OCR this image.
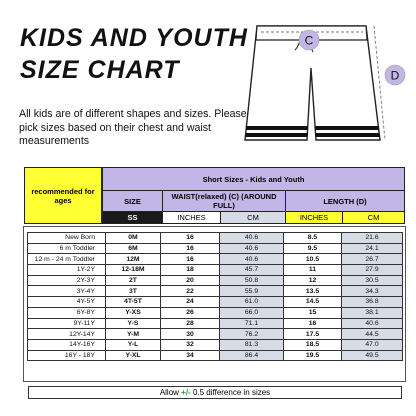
KIDS AND YOUTH
SIZE CHART
All kids are of different shapes and sizes. Please pick sizes based on their chest and waist measurements
C
D
recommended for ages
Short Sizes - Kids and Youth				
SIZE	WAIST(relaxed) (C) (AROUND FULL)		LENGTH (D)	
SS	INCHES	CM	INCHES	CM
New Born	0M	16	40.6	8.5	21.6
6 m Toddler	6M	16	40.6	9.5	24.1
12 m - 24 m Toddler	12M	16	40.6	10.5	26.7
1Y-2Y	12-18M	18	45.7	11	27.9
2Y-3Y	2T	20	50.8	12	30.5
3Y-4Y	3T	22	55.9	13.5	34.3
4Y-5Y	4T-5T	24	61.0	14.5	36.8
6Y-8Y	Y-XS	26	66.0	15	38.1
9Y-11Y	Y-S	28	71.1	16	40.6
12Y-14Y	Y-M	30	76.2	17.5	44.5
14Y-16Y	Y-L	32	81.3	18.5	47.0
16Y - 18Y	Y-XL	34	86.4	19.5	49.5
Allow +/- 0.5 difference in sizes
